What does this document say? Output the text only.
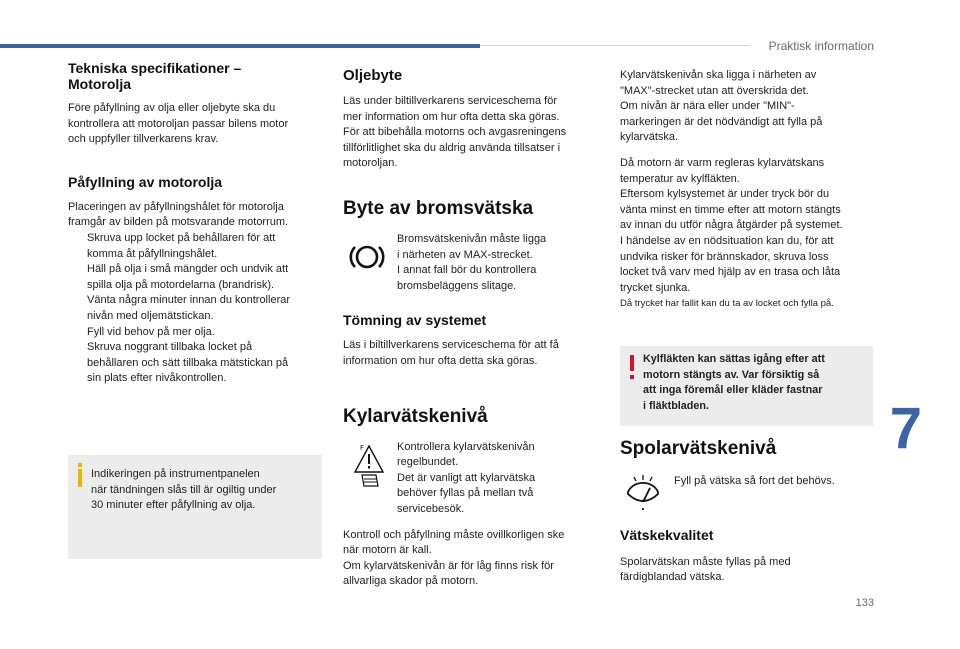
Praktisk information
7
133
Tekniska specifikationer –
Motorolja

Före påfyllning av olja eller oljebyte ska du
kontrollera att motoroljan passar bilens motor
och uppfyller tillverkarens krav.

Påfyllning av motorolja

Placeringen av påfyllningshålet för motorolja
framgår av bilden på motsvarande motorrum.

Skruva upp locket på behållaren för att
komma åt påfyllningshålet.
Häll på olja i små mängder och undvik att
spilla olja på motordelarna (brandrisk).
Vänta några minuter innan du kontrollerar
nivån med oljemätstickan.
Fyll vid behov på mer olja.
Skruva noggrant tillbaka locket på
behållaren och sätt tillbaka mätstickan på
sin plats efter nivåkontrollen.

Indikeringen på instrumentpanelen
när tändningen slås till är ogiltig under
30 minuter efter påfyllning av olja.

Oljebyte

Läs under biltillverkarens serviceschema för
mer information om hur ofta detta ska göras.
För att bibehålla motorns och avgasreningens
tillförlitlighet ska du aldrig använda tillsatser i
motoroljan.

Byte av bromsvätska

Bromsvätskenivån måste ligga
i närheten av MAX-strecket.
I annat fall bör du kontrollera
bromsbeläggens slitage.

Tömning av systemet

Läs i biltillverkarens serviceschema för att få
information om hur ofta detta ska göras.

Kylarvätskenivå
F	Kontrollera kylarvätskenivån
regelbundet.
Det är vanligt att kylarvätska
behöver fyllas på mellan två
servicebesök.

Kontroll och påfyllning måste ovillkorligen ske
när motorn är kall.
Om kylarvätskenivån är för låg finns risk för
allvarliga skador på motorn.

Kylarvätskenivån ska ligga i närheten av
"MAX"-strecket utan att överskrida det.
Om nivån är nära eller under "MIN"-
markeringen är det nödvändigt att fylla på
kylarvätska.

Då motorn är varm regleras kylarvätskans
temperatur av kylfläkten.
Eftersom kylsystemet är under tryck bör du
vänta minst en timme efter att motorn stängts
av innan du utför några åtgärder på systemet.
I händelse av en nödsituation kan du, för att
undvika risker för brännskador, skruva loss
locket två varv med hjälp av en trasa och låta
trycket sjunka.
Då trycket har fallit kan du ta av locket och fylla på.

Kylfläkten kan sättas igång efter att
motorn stängts av. Var försiktig så
att inga föremål eller kläder fastnar
i fläktbladen.

Spolarvätskenivå

Fyll på vätska så fort det behövs.

Vätskekvalitet

Spolarvätskan måste fyllas på med
färdigblandad vätska.
